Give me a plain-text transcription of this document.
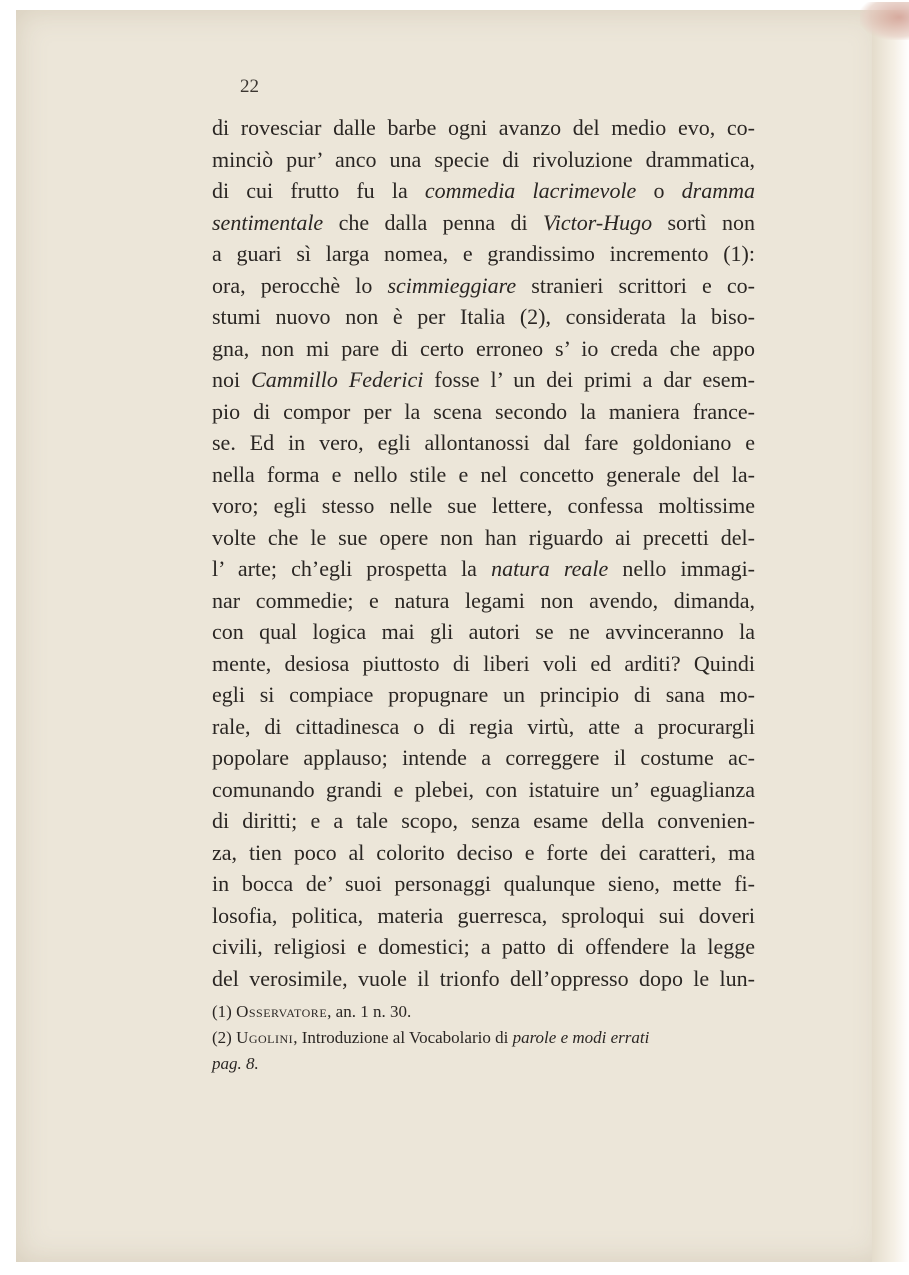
22
di rovesciar dalle barbe ogni avanzo del medio evo, co-
minciò pur’ anco una specie di rivoluzione drammatica,
di cui frutto fu la commedia lacrimevole o dramma
sentimentale che dalla penna di Victor-Hugo sortì non
a guari sì larga nomea, e grandissimo incremento (1):
ora, perocchè lo scimmieggiare stranieri scrittori e co-
stumi nuovo non è per Italia (2), considerata la biso-
gna, non mi pare di certo erroneo s’ io creda che appo
noi Cammillo Federici fosse l’ un dei primi a dar esem-
pio di compor per la scena secondo la maniera france-
se. Ed in vero, egli allontanossi dal fare goldoniano e
nella forma e nello stile e nel concetto generale del la-
voro; egli stesso nelle sue lettere, confessa moltissime
volte che le sue opere non han riguardo ai precetti del-
l’ arte; ch’egli prospetta la natura reale nello immagi-
nar commedie; e natura legami non avendo, dimanda,
con qual logica mai gli autori se ne avvinceranno la
mente, desiosa piuttosto di liberi voli ed arditi? Quindi
egli si compiace propugnare un principio di sana mo-
rale, di cittadinesca o di regia virtù, atte a procurargli
popolare applauso; intende a correggere il costume ac-
comunando grandi e plebei, con istatuire un’ eguaglianza
di diritti; e a tale scopo, senza esame della convenien-
za, tien poco al colorito deciso e forte dei caratteri, ma
in bocca de’ suoi personaggi qualunque sieno, mette fi-
losofia, politica, materia guerresca, sproloqui sui doveri
civili, religiosi e domestici; a patto di offendere la legge
del verosimile, vuole il trionfo dell’oppresso dopo le lun-
(1) Osservatore, an. 1 n. 30.
(2) Ugolini, Introduzione al Vocabolario di parole e modi errati
pag. 8.
